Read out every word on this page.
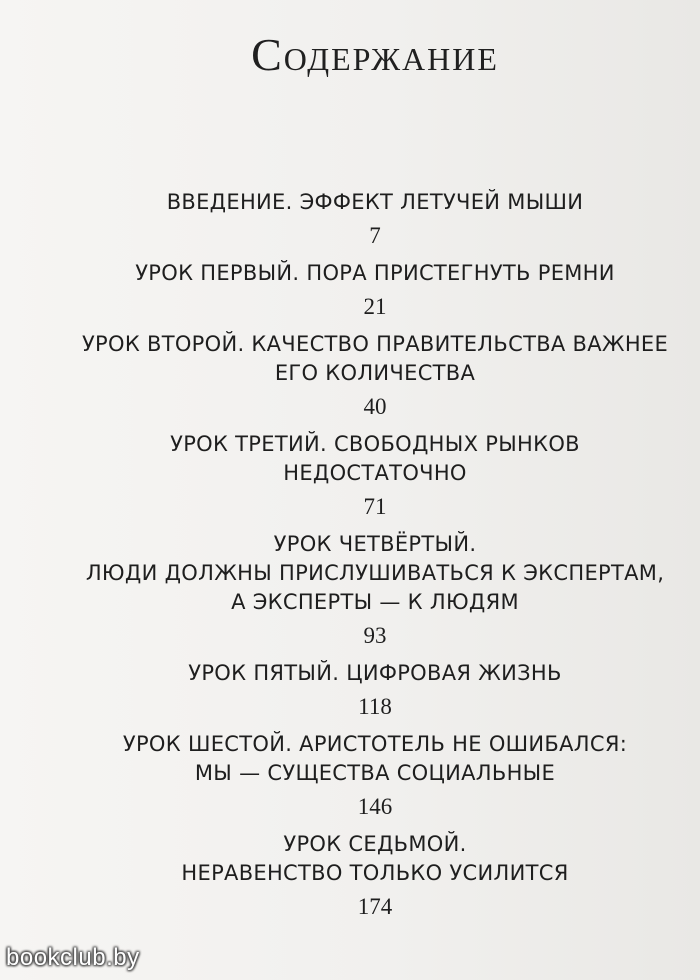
Содержание
ВВЕДЕНИЕ. ЭФФЕКТ ЛЕТУЧЕЙ МЫШИ
7
УРОК ПЕРВЫЙ. ПОРА ПРИСТЕГНУТЬ РЕМНИ
21
УРОК ВТОРОЙ. КАЧЕСТВО ПРАВИТЕЛЬСТВА ВАЖНЕЕ
ЕГО КОЛИЧЕСТВА
40
УРОК ТРЕТИЙ. СВОБОДНЫХ РЫНКОВ
НЕДОСТАТОЧНО
71
УРОК ЧЕТВЁРТЫЙ.
ЛЮДИ ДОЛЖНЫ ПРИСЛУШИВАТЬСЯ К ЭКСПЕРТАМ,
А ЭКСПЕРТЫ — К ЛЮДЯМ
93
УРОК ПЯТЫЙ. ЦИФРОВАЯ ЖИЗНЬ
118
УРОК ШЕСТОЙ. АРИСТОТЕЛЬ НЕ ОШИБАЛСЯ:
МЫ — СУЩЕСТВА СОЦИАЛЬНЫЕ
146
УРОК СЕДЬМОЙ.
НЕРАВЕНСТВО ТОЛЬКО УСИЛИТСЯ
174
bookclub.by
